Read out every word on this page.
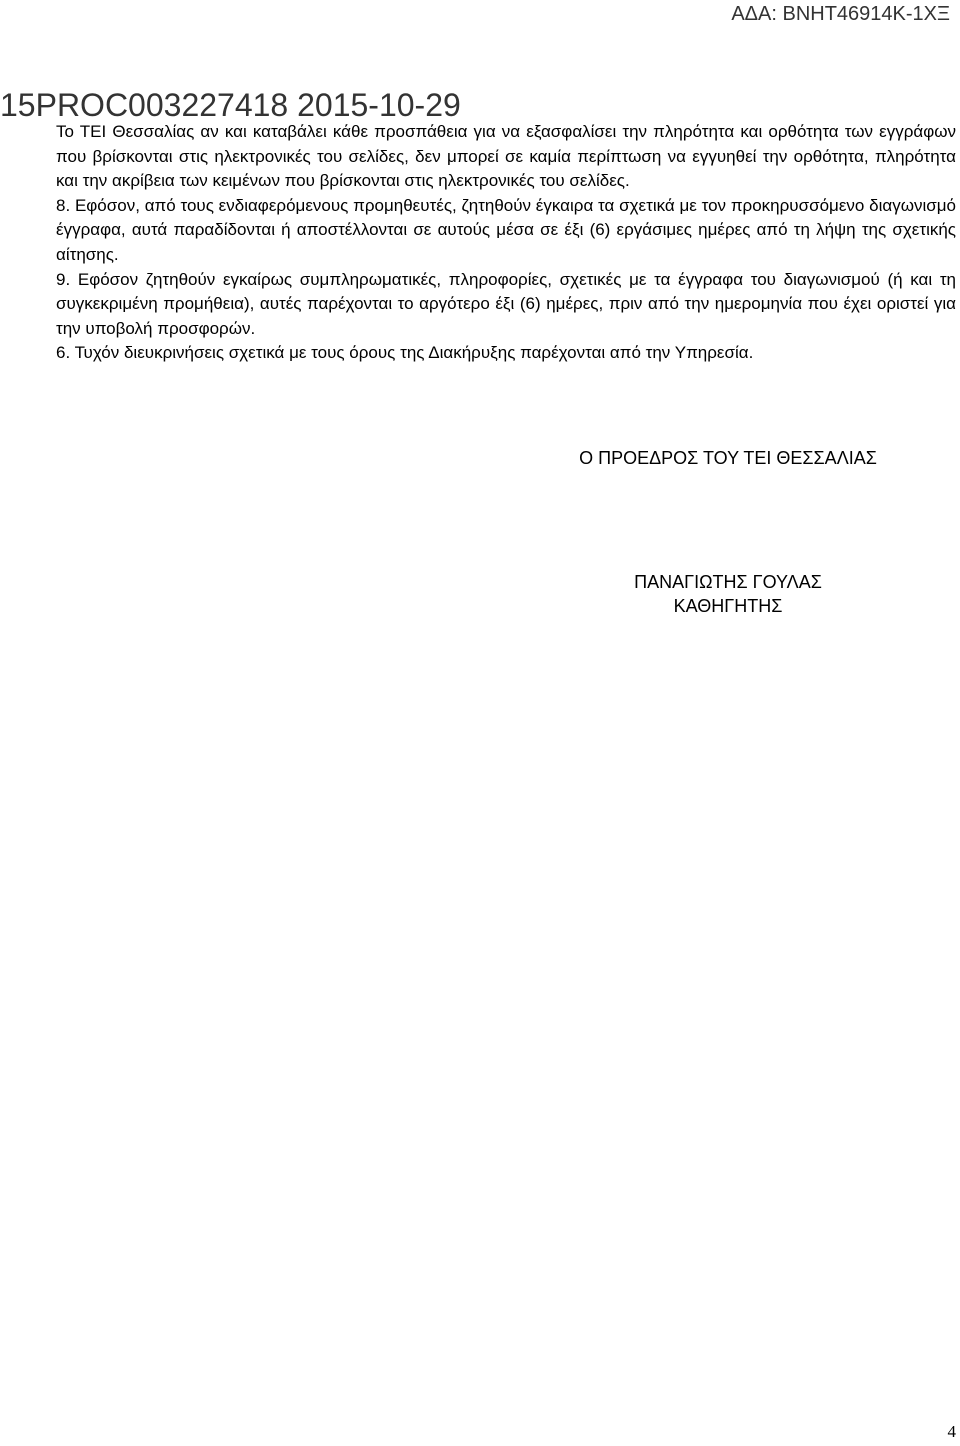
ΑΔΑ: ΒΝΗΤ46914Κ-1ΧΞ
15PROC003227418 2015-10-29

Το ΤΕΙ Θεσσαλίας αν και καταβάλει κάθε προσπάθεια για να εξασφαλίσει την πληρότητα και ορθότητα των εγγράφων που βρίσκονται στις ηλεκτρονικές του σελίδες, δεν μπορεί σε καμία περίπτωση να εγγυηθεί την ορθότητα, πληρότητα και την ακρίβεια των κειμένων που βρίσκονται στις ηλεκτρονικές του σελίδες.

8. Εφόσον, από τους ενδιαφερόμενους προμηθευτές, ζητηθούν έγκαιρα τα σχετικά με τον προκηρυσσόμενο διαγωνισμό έγγραφα, αυτά παραδίδονται ή αποστέλλονται σε αυτούς μέσα σε έξι (6) εργάσιμες ημέρες από τη λήψη της σχετικής αίτησης.

9. Εφόσον ζητηθούν εγκαίρως συμπληρωματικές, πληροφορίες, σχετικές με τα έγγραφα του διαγωνισμού (ή και τη συγκεκριμένη προμήθεια), αυτές παρέχονται το αργότερο έξι (6) ημέρες, πριν από την ημερομηνία που έχει οριστεί για την υποβολή προσφορών.

6. Τυχόν διευκρινήσεις σχετικά με τους όρους της Διακήρυξης παρέχονται από την Υπηρεσία.

Ο ΠΡΟΕΔΡΟΣ ΤΟΥ ΤΕΙ ΘΕΣΣΑΛΙΑΣ
ΠΑΝΑΓΙΩΤΗΣ ΓΟΥΛΑΣ
ΚΑΘΗΓΗΤΗΣ
4
